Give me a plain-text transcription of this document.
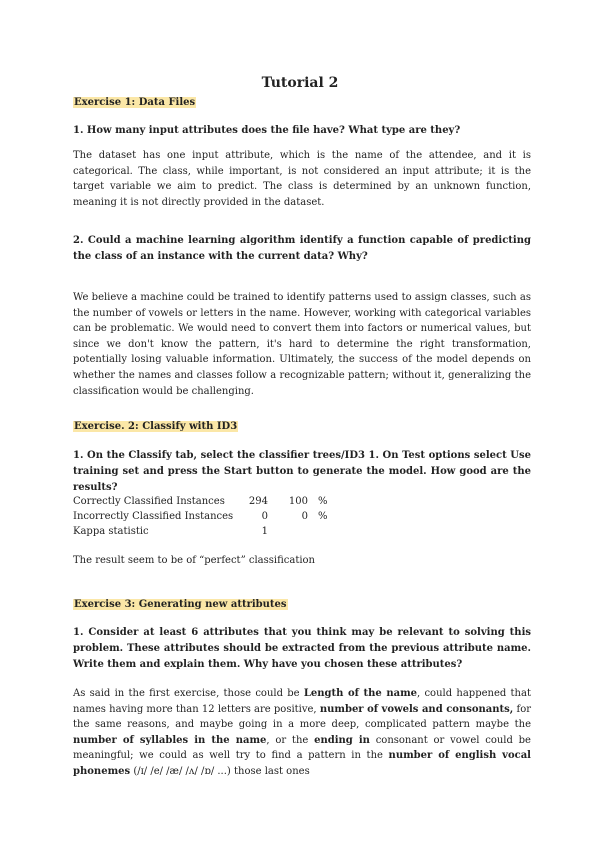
Tutorial 2
Exercise 1: Data Files

1. How many input attributes does the file have? What type are they?

The dataset has one input attribute, which is the name of the attendee, and it is categorical. The class, while important, is not considered an input attribute; it is the target variable we aim to predict. The class is determined by an unknown function, meaning it is not directly provided in the dataset.

2. Could a machine learning algorithm identify a function capable of predicting the class of an instance with the current data? Why?

We believe a machine could be trained to identify patterns used to assign classes, such as the number of vowels or letters in the name. However, working with categorical variables can be problematic. We would need to convert them into factors or numerical values, but since we don't know the pattern, it's hard to determine the right transformation, potentially losing valuable information. Ultimately, the success of the model depends on whether the names and classes follow a recognizable pattern; without it, generalizing the classification would be challenging.

Exercise. 2: Classify with ID3

1. On the Classify tab, select the classifier trees/ID3 1. On Test options select Use training set and press the Start button to generate the model. How good are the results?

Correctly Classified Instances 294 100 %
Incorrectly Classified Instances	0	0 %
Kappa statistic	1

The result seem to be of “perfect” classification

Exercise 3: Generating new attributes

1. Consider at least 6 attributes that you think may be relevant to solving this problem. These attributes should be extracted from the previous attribute name. Write them and explain them. Why have you chosen these attributes?

As said in the first exercise, those could be Length of the name, could happened that names having more than 12 letters are positive, number of vowels and consonants, for the same reasons, and maybe going in a more deep, complicated pattern maybe the number of syllables in the name, or the ending in consonant or vowel could be meaningful; we could as well try to find a pattern in the number of english vocal phonemes (/ɪ/ /e/ /æ/ /ʌ/ /ɒ/ ...) those last ones
